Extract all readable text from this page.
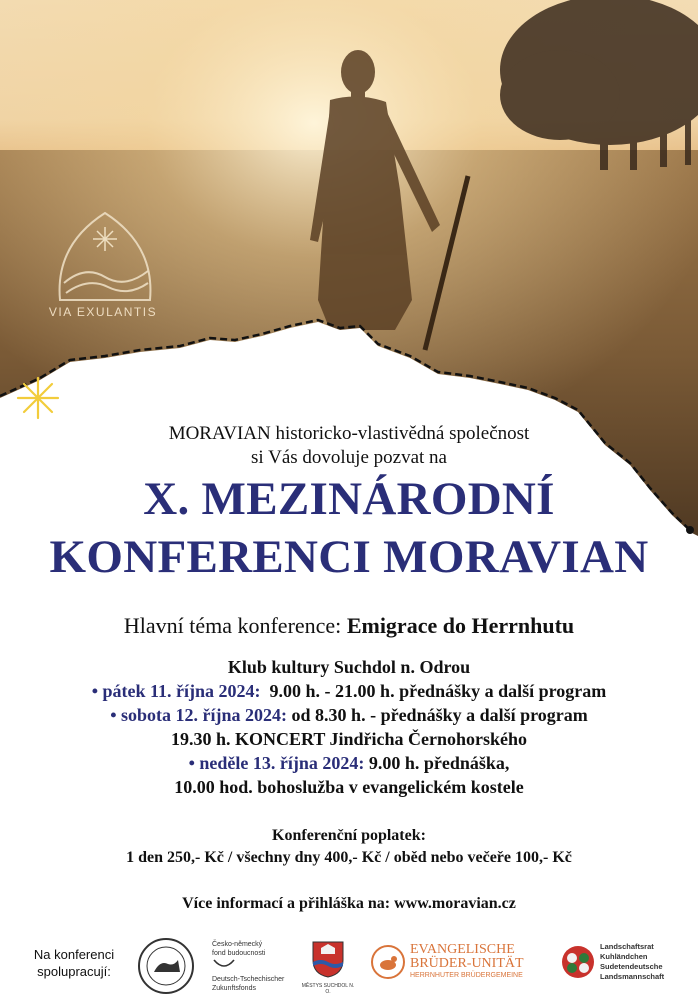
VIA EXULANTIS
MORAVIAN historicko-vlastivědná společnost
si Vás dovoluje pozvat na
X. MEZINÁRODNÍ
KONFERENCI MORAVIAN
Hlavní téma konference: Emigrace do Herrnhutu
Klub kultury Suchdol n. Odrou
• pátek 11. října 2024: 9.00 h. - 21.00 h. přednášky a další program
• sobota 12. října 2024: od 8.30 h. - přednášky a další program
19.30 h. KONCERT Jindřicha Černohorského
• neděle 13. října 2024: 9.00 h. přednáška,
10.00 hod. bohoslužba v evangelickém kostele
Konferenční poplatek:
1 den 250,- Kč / všechny dny 400,- Kč / oběd nebo večeře 100,- Kč
Více informací a přihláška na: www.moravian.cz
Na konferenci
spolupracují:
Česko-německý
fond budoucnosti
Deutsch-Tschechischer
Zukunftsfonds	MĚSTYS SUCHDOL N. O.
EVANGELISCHE
BRÜDER-UNITÄT
HERRNHUTER BRÜDERGEMEINE
Landschaftsrat
Kuhländchen
Sudetendeutsche
Landsmannschaft
